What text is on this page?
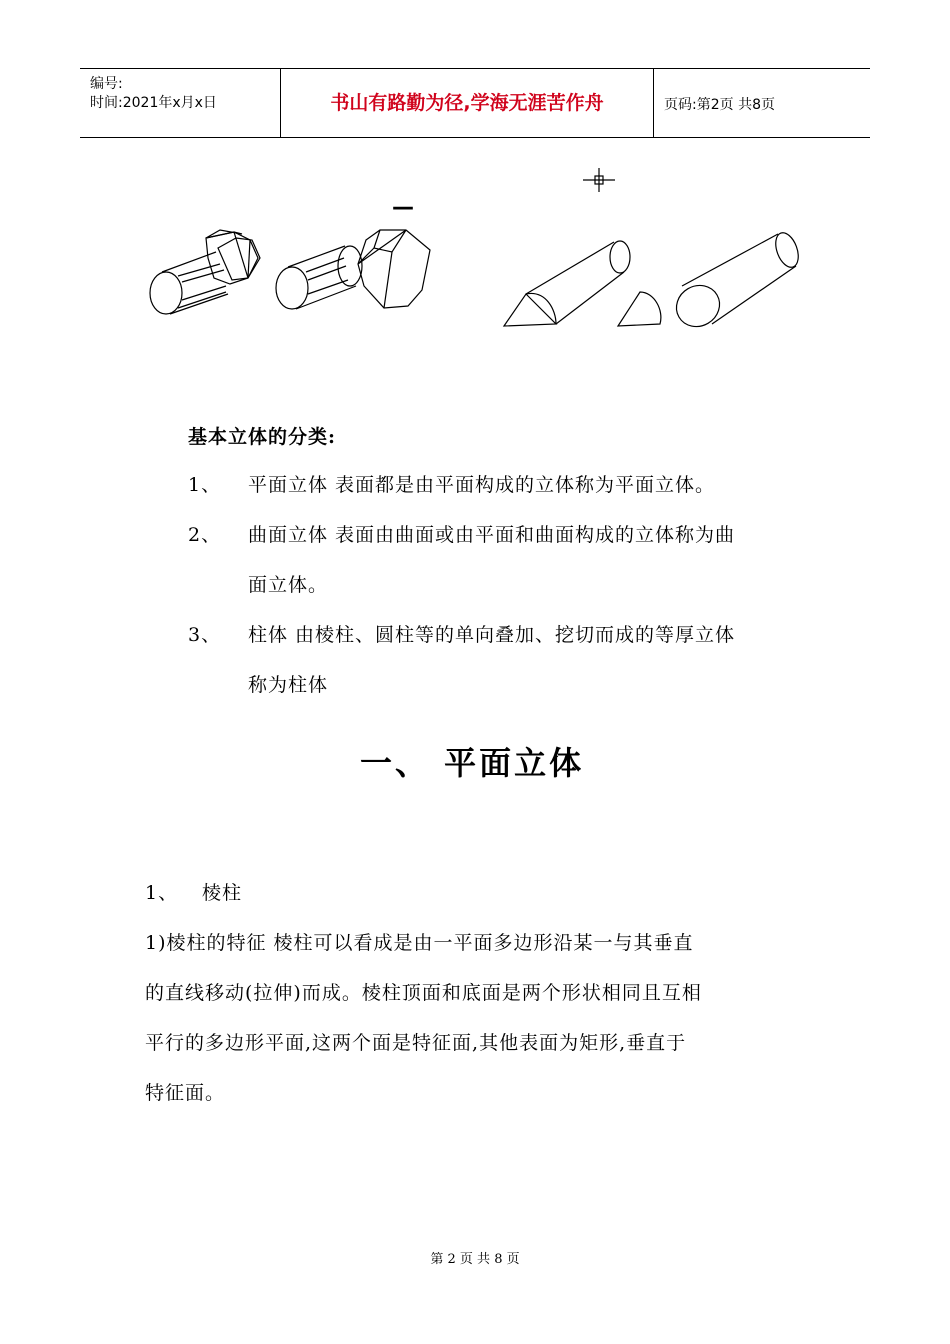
编号:
时间:2021年x月x日	书山有路勤为径,学海无涯苦作舟	页码:第2页 共8页
—
基本立体的分类:
1、 平面立体 表面都是由平面构成的立体称为平面立体。
2、 曲面立体 表面由曲面或由平面和曲面构成的立体称为曲
面立体。
3、 柱体 由棱柱、圆柱等的单向叠加、挖切而成的等厚立体
称为柱体
一、 平面立体
1、 棱柱
1)棱柱的特征 棱柱可以看成是由一平面多边形沿某一与其垂直
的直线移动(拉伸)而成。棱柱顶面和底面是两个形状相同且互相
平行的多边形平面,这两个面是特征面,其他表面为矩形,垂直于
特征面。
第 2 页 共 8 页
